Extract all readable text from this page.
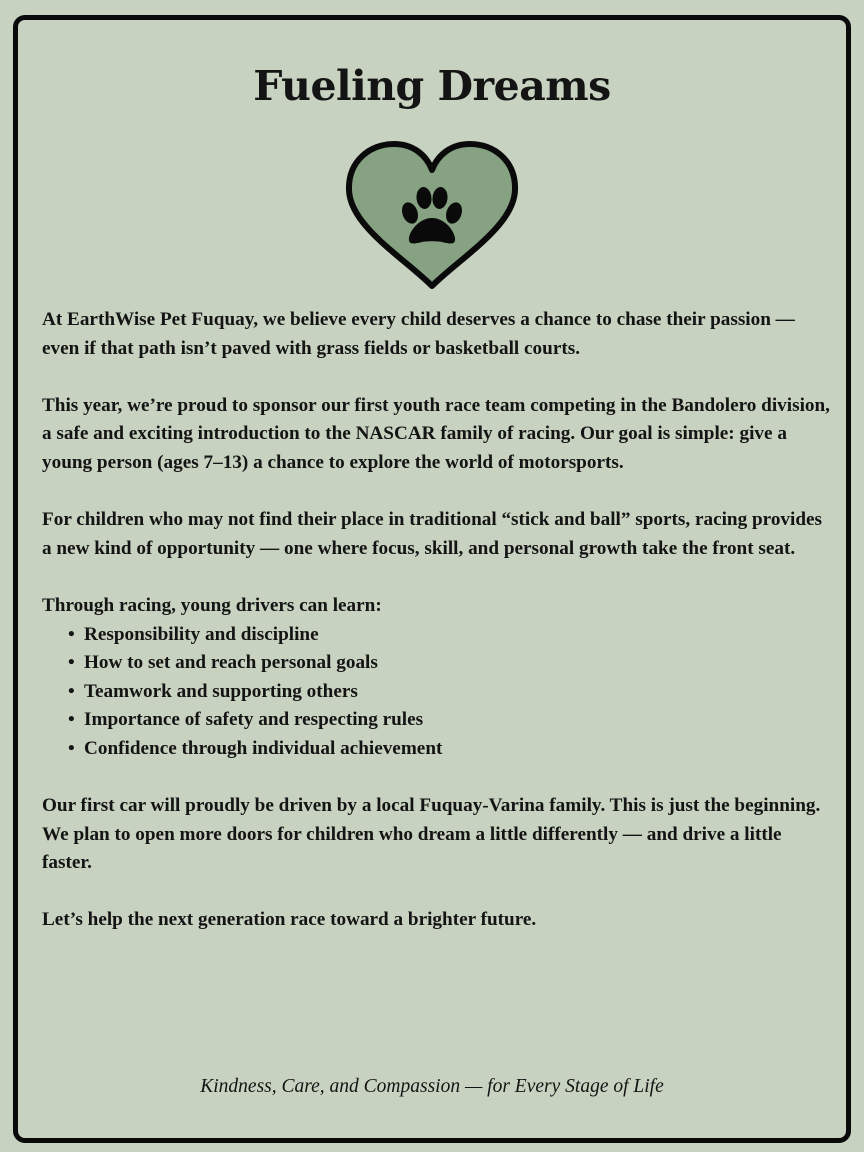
Fueling Dreams

At EarthWise Pet Fuquay, we believe every child deserves a chance to chase their passion — even if that path isn’t paved with grass fields or basketball courts.

This year, we’re proud to sponsor our first youth race team competing in the Bandolero division, a safe and exciting introduction to the NASCAR family of racing. Our goal is simple: give a young person (ages 7–13) a chance to explore the world of motorsports.

For children who may not find their place in traditional “stick and ball” sports, racing provides a new kind of opportunity — one where focus, skill, and personal growth take the front seat.

Through racing, young drivers can learn:

• Responsibility and discipline
• How to set and reach personal goals
• Teamwork and supporting others
• Importance of safety and respecting rules
• Confidence through individual achievement

Our first car will proudly be driven by a local Fuquay-Varina family. This is just the beginning. We plan to open more doors for children who dream a little differently — and drive a little faster.

Let’s help the next generation race toward a brighter future.

Kindness, Care, and Compassion — for Every Stage of Life
